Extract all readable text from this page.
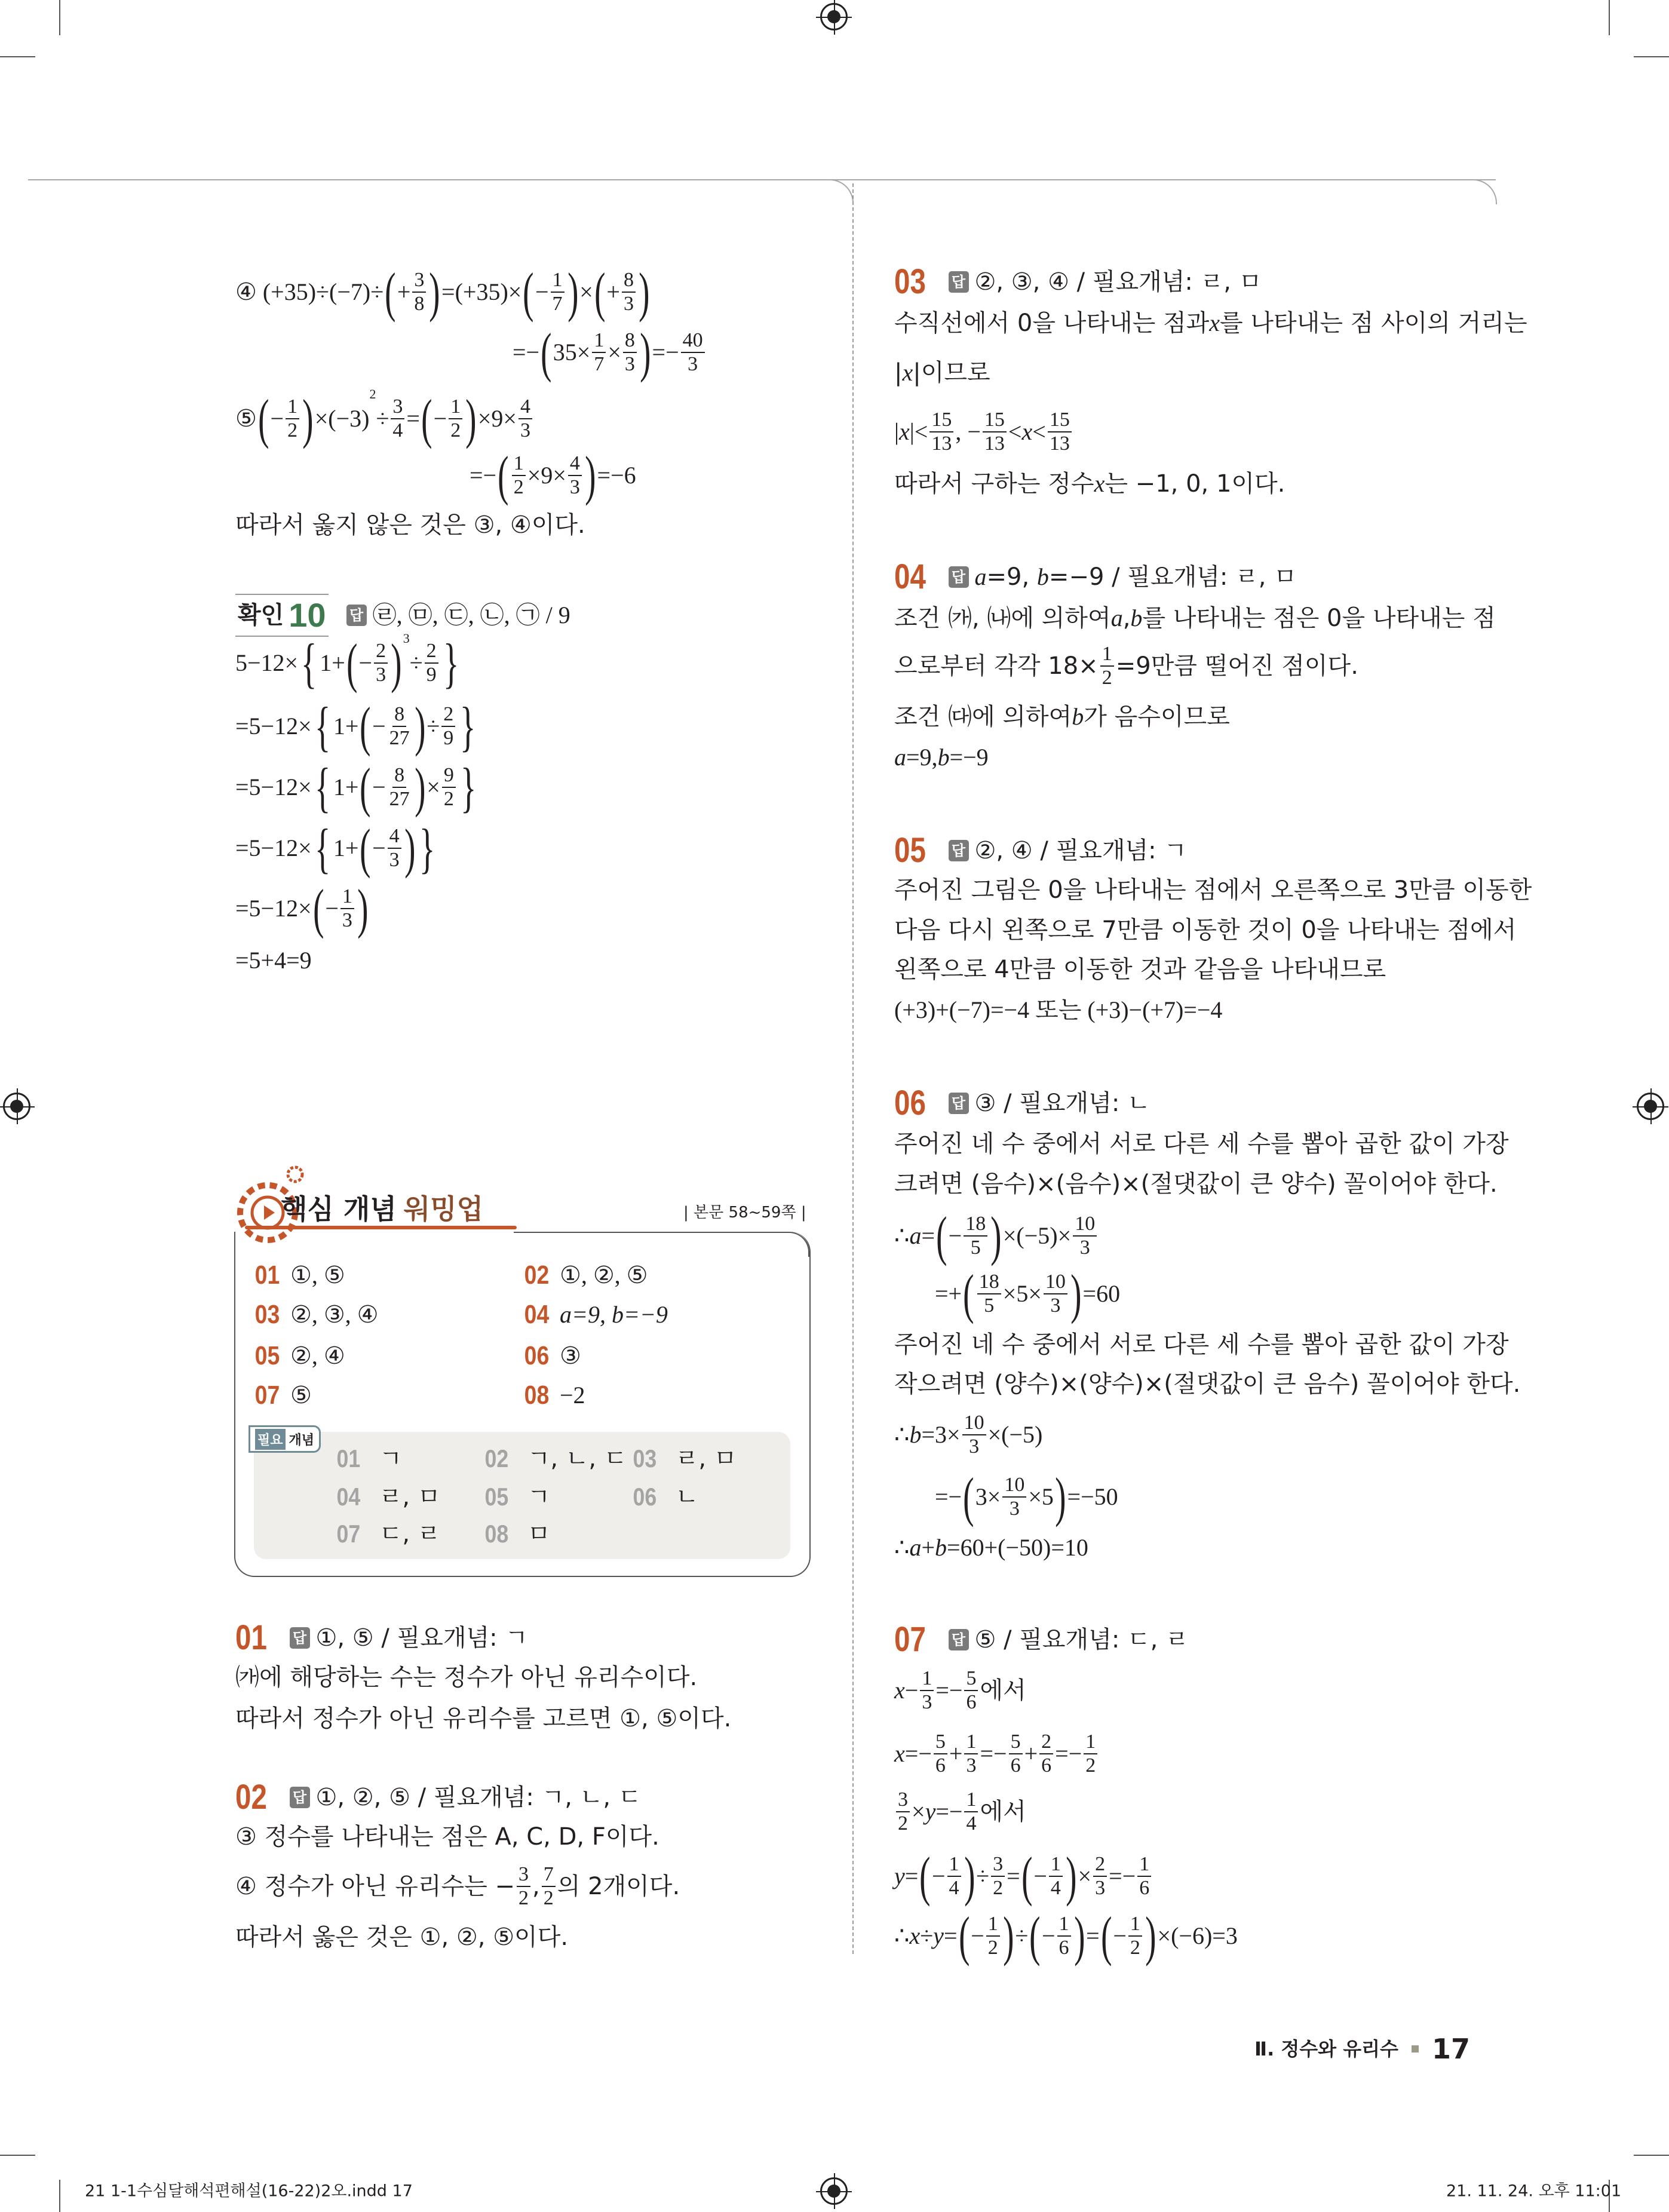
④ (+35)÷(−7)÷ ( + $\frac{3}{8}$ ) =(+35)× ( − $\frac{1}{7}$ ) × ( + $\frac{8}{3}$ )
=− ( $35\times \frac{1}{7} \times \frac{8}{3}$ ) =− $\frac{40}{3}$
⑤ ( − $\frac{1}{2}$ ) ×(−3)
2
÷ $\frac{3}{4}$ = ( − $\frac{1}{2}$ ) $\times 9\times \frac{4}{3}$
=− ( $\frac{1}{2} \times 9\times \frac{4}{3}$ ) =−6
따라서 옳지 않은 것은 ③, ④이다.
확인 10 답 ㉣, ㉤, ㉢, ㉡, ㉠ / 9
5−12× { 1+ ( − $\frac{2}{3}$ ) 3
÷ $\frac{2}{9}$ }
=5−12× { 1+ ( − $\frac{8}{27}$ ) ÷ $\frac{2}{9}$ }
=5−12× { 1+ ( − $\frac{8}{27}$ ) × $\frac{9}{2}$ }
=5−12× { 1+ ( − $\frac{4}{3}$ ) }
=5−12× ( − $\frac{1}{3}$ )
=5+4=9
핵심 개념 워밍업	| 본문 58~59쪽 |
01 ①, ⑤	02 ①, ②, ⑤
03 ②, ③, ④	04 a=9, b=−9
05 ②, ④	06 ③
07 ⑤	08 −2
필요 개념
01 ㄱ	02 ㄱ, ㄴ, ㄷ 03 ㄹ, ㅁ
04 ㄹ, ㅁ 05 ㄱ	06 ㄴ
07 ㄷ, ㄹ 08 ㅁ
01 답 ①, ⑤ / 필요개념: ㄱ
㈎에 해당하는 수는 정수가 아닌 유리수이다.
따라서 정수가 아닌 유리수를 고르면 ①, ⑤이다.
02 답 ①, ②, ⑤ / 필요개념: ㄱ, ㄴ, ㄷ
③ 정수를 나타내는 점은 A, C, D, F이다.
④ 정수가 아닌 유리수는 − $\frac{3}{2}$ , $\frac{7}{2}$ 의 2개이다.
따라서 옳은 것은 ①, ②, ⑤이다.
03 답 ②, ③, ④ / 필요개념: ㄹ, ㅁ
수직선에서 0을 나타내는 점과 x 를 나타내는 점 사이의 거리는
| x |이므로
| x |< $\frac{15}{13}$ , − $\frac{15}{13} < x < \frac{15}{13}$
따라서 구하는 정수 x 는 −1, 0, 1이다.
04 답 a=9, b=−9 / 필요개념: ㄹ, ㅁ
조건 ㈎, ㈏에 의하여 a , b 를 나타내는 점은 0을 나타내는 점
으로부터 각각 $18\times \frac{1}{2} =9$만큼 떨어진 점이다.
조건 ㈐에 의하여 b 가 음수이므로
a =9, b =−9
05 답 ②, ④ / 필요개념: ㄱ
주어진 그림은 0을 나타내는 점에서 오른쪽으로 3만큼 이동한
다음 다시 왼쪽으로 7만큼 이동한 것이 0을 나타내는 점에서
왼쪽으로 4만큼 이동한 것과 같음을 나타내므로
(+3)+(−7)=−4 또는 (+3)−(+7)=−4
06 답 ③ / 필요개념: ㄴ
주어진 네 수 중에서 서로 다른 세 수를 뽑아 곱한 값이 가장
크려면 (음수)×(음수)×(절댓값이 큰 양수) 꼴이어야 한다.
∴ a = ( − $\frac{18}{5}$ ) $\times(-5)\times \frac{10}{3}$
=+ ( $\frac{18}{5} \times 5\times \frac{10}{3}$ ) =60
주어진 네 수 중에서 서로 다른 세 수를 뽑아 곱한 값이 가장
작으려면 (양수)×(양수)×(절댓값이 큰 음수) 꼴이어야 한다.
∴ $b =3\times \frac{10}{3} \times(-5)$
=− ( $3\times \frac{10}{3} \times 5$ ) =−50
∴ a + b =60+(−50)=10
07 답 ⑤ / 필요개념: ㄷ, ㄹ
$x - \frac{1}{3} =- \frac{5}{6}$ 에서
$x =- \frac{5}{6} + \frac{1}{3} =- \frac{5}{6} + \frac{2}{6} =- \frac{1}{2}$
$\frac{3}{2} \times y =- \frac{1}{4}$ 에서
y = ( − $\frac{1}{4}$ ) ÷ $\frac{3}{2}$ = ( − $\frac{1}{4}$ ) × $\frac{2}{3} =- \frac{1}{6}$
∴ x ÷ y = ( − $\frac{1}{2}$ ) ÷ ( − $\frac{1}{6}$ ) = ( − $\frac{1}{2}$ ) ×(−6)=3
Ⅱ. 정수와 유리수 17
21 1-1수심달해석편해설(16-22)2오.indd 17	21. 11. 24. 오후 11:01
